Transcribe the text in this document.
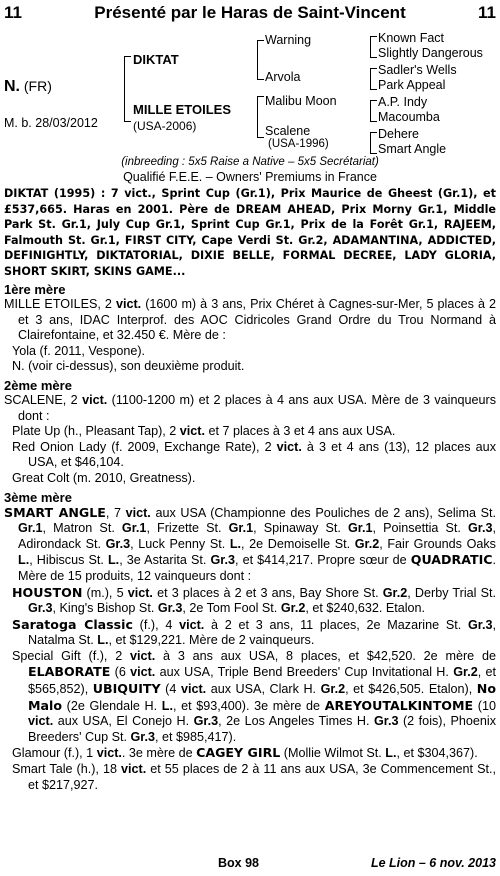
11	Présenté par le Haras de Saint-Vincent	11
N. (FR)
M. b. 28/03/2012
DIKTAT
MILLE ETOILES
(USA-2006)
Warning
Arvola
Malibu Moon
Scalene
(USA-1996)
Known Fact
Slightly Dangerous
Sadler's Wells
Park Appeal
A.P. Indy
Macoumba
Dehere
Smart Angle
(inbreeding : 5x5 Raise a Native – 5x5 Secrétariat)
Qualifié F.E.E. – Owners' Premiums in France

DIKTAT (1995) : 7 vict., Sprint Cup (Gr.1), Prix Maurice de Gheest (Gr.1), et £537,665. Haras en 2001. Père de DREAM AHEAD, Prix Morny Gr.1, Middle Park St. Gr.1, July Cup Gr.1, Sprint Cup Gr.1, Prix de la Forêt Gr.1, RAJEEM, Falmouth St. Gr.1, FIRST CITY, Cape Verdi St. Gr.2, ADAMANTINA, ADDICTED, DEFINIGHTLY, DIKTATORIAL, DIXIE BELLE, FORMAL DECREE, LADY GLORIA, SHORT SKIRT, SKINS GAME...

1ère mère

MILLE ETOILES, 2 vict. (1600 m) à 3 ans, Prix Chéret à Cagnes-sur-Mer, 5 places à 2 et 3 ans, IDAC Interprof. des AOC Cidricoles Grand Ordre du Trou Normand à Clairefontaine, et 32.450 €. Mère de :

Yola (f. 2011, Vespone).

N. (voir ci-dessus), son deuxième produit.

2ème mère

SCALENE, 2 vict. (1100-1200 m) et 2 places à 4 ans aux USA. Mère de 3 vainqueurs dont :

Plate Up (h., Pleasant Tap), 2 vict. et 7 places à 3 et 4 ans aux USA.

Red Onion Lady (f. 2009, Exchange Rate), 2 vict. à 3 et 4 ans (13), 12 places aux USA, et $46,104.

Great Colt (m. 2010, Greatness).

3ème mère

SMART ANGLE, 7 vict. aux USA (Championne des Pouliches de 2 ans), Selima St. Gr.1, Matron St. Gr.1, Frizette St. Gr.1, Spinaway St. Gr.1, Poinsettia St. Gr.3, Adirondack St. Gr.3, Luck Penny St. L., 2e Demoiselle St. Gr.2, Fair Grounds Oaks L., Hibiscus St. L., 3e Astarita St. Gr.3, et $414,217. Propre sœur de QUADRATIC. Mère de 15 produits, 12 vainqueurs dont :

HOUSTON (m.), 5 vict. et 3 places à 2 et 3 ans, Bay Shore St. Gr.2, Derby Trial St. Gr.3, King's Bishop St. Gr.3, 2e Tom Fool St. Gr.2, et $240,632. Etalon.

Saratoga Classic (f.), 4 vict. à 2 et 3 ans, 11 places, 2e Mazarine St. Gr.3, Natalma St. L., et $129,221. Mère de 2 vainqueurs.

Special Gift (f.), 2 vict. à 3 ans aux USA, 8 places, et $42,520. 2e mère de ELABORATE (6 vict. aux USA, Triple Bend Breeders' Cup Invitational H. Gr.2, et $565,852), UBIQUITY (4 vict. aux USA, Clark H. Gr.2, et $426,505. Etalon), No Malo (2e Glendale H. L., et $93,400). 3e mère de AREYOUTALKINTOME (10 vict. aux USA, El Conejo H. Gr.3, 2e Los Angeles Times H. Gr.3 (2 fois), Phoenix Breeders' Cup St. Gr.3, et $985,417).

Glamour (f.), 1 vict.. 3e mère de CAGEY GIRL (Mollie Wilmot St. L., et $304,367).

Smart Tale (h.), 18 vict. et 55 places de 2 à 11 ans aux USA, 3e Commencement St., et $217,927.

Box 98	Le Lion – 6 nov. 2013
